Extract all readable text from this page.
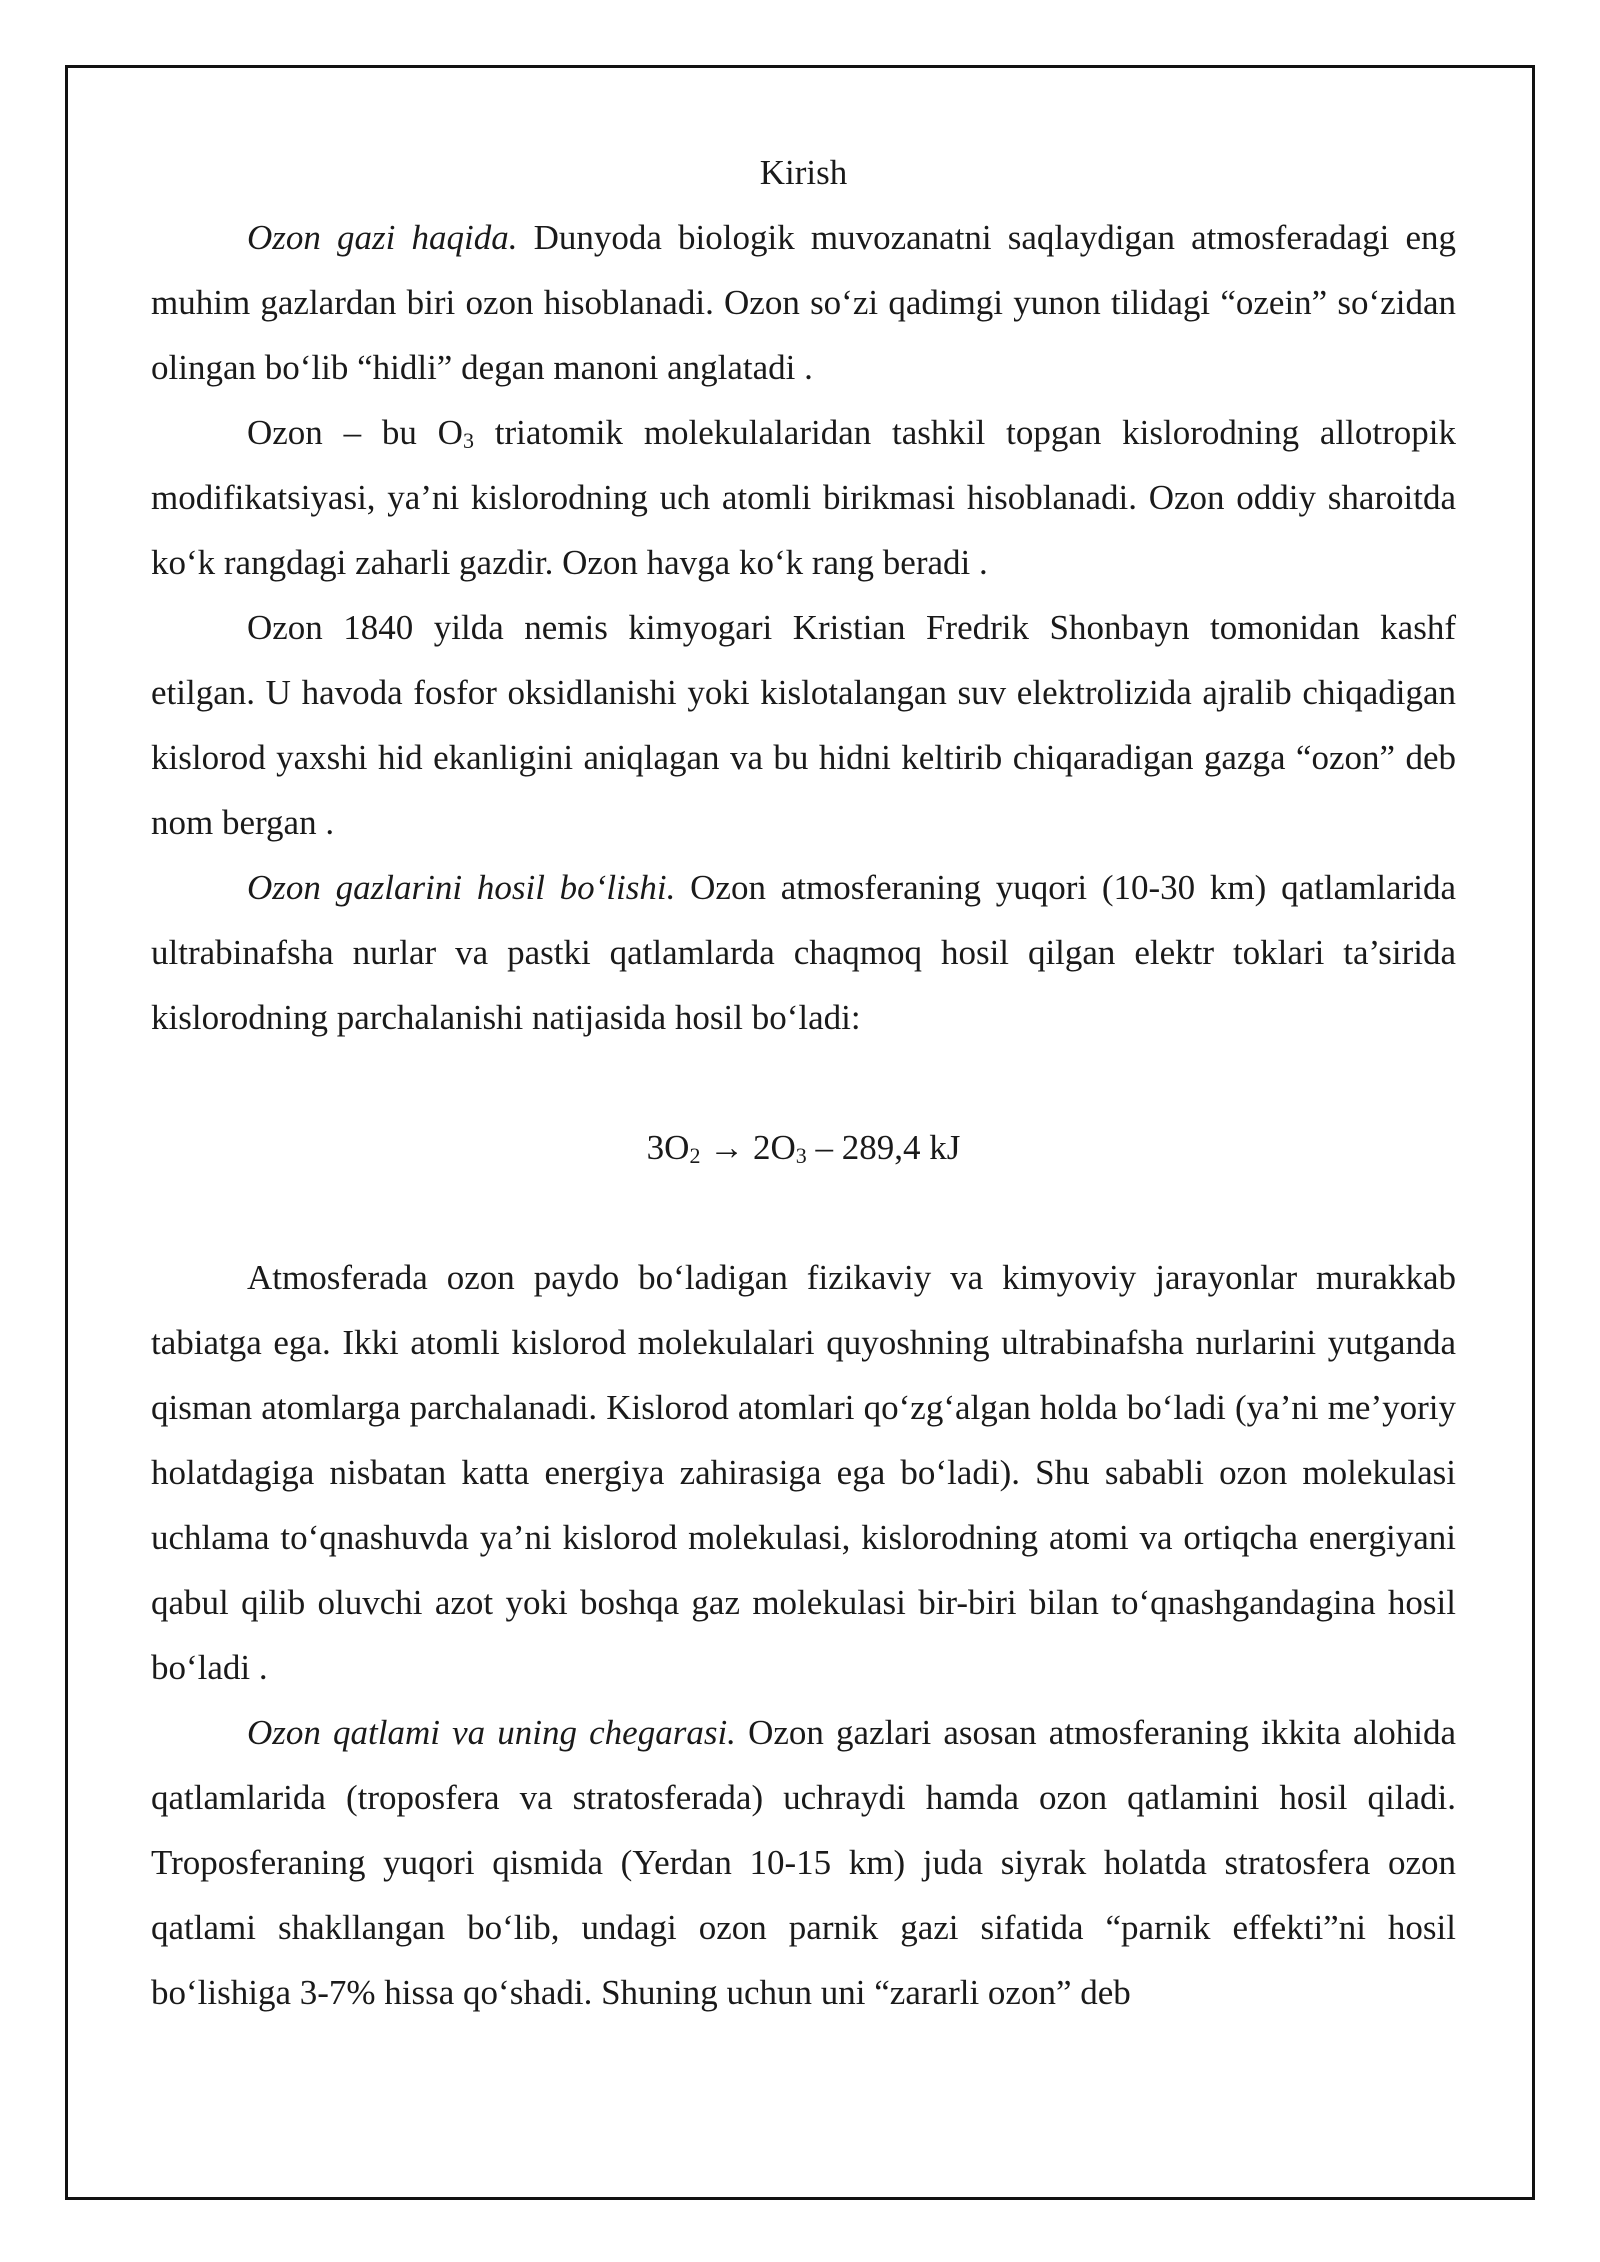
Kirish

Ozon gazi haqida. Dunyoda biologik muvozanatni saqlaydigan atmosferadagi eng muhim gazlardan biri ozon hisoblanadi. Ozon so‘zi qadimgi yunon tilidagi “ozein” so‘zidan olingan bo‘lib “hidli” degan manoni anglatadi .

Ozon – bu $O_3$ triatomik molekulalaridan tashkil topgan kislorodning allotropik modifikatsiyasi, ya’ni kislorodning uch atomli birikmasi hisoblanadi. Ozon oddiy sharoitda ko‘k rangdagi zaharli gazdir. Ozon havga ko‘k rang beradi .

Ozon 1840 yilda nemis kimyogari Kristian Fredrik Shonbayn tomonidan kashf etilgan. U havoda fosfor oksidlanishi yoki kislotalangan suv elektrolizida ajralib chiqadigan kislorod yaxshi hid ekanligini aniqlagan va bu hidni keltirib chiqaradigan gazga “ozon” deb nom bergan .

Ozon gazlarini hosil bo‘lishi. Ozon atmosferaning yuqori (10-30 km) qatlamlarida ultrabinafsha nurlar va pastki qatlamlarda chaqmoq hosil qilgan elektr toklari ta’sirida kislorodning parchalanishi natijasida hosil bo‘ladi:

$3O_2 \to 2O_3 - 289,4$ kJ

Atmosferada ozon paydo bo‘ladigan fizikaviy va kimyoviy jarayonlar murakkab tabiatga ega. Ikki atomli kislorod molekulalari quyoshning ultrabinafsha nurlarini yutganda qisman atomlarga parchalanadi. Kislorod atomlari qo‘zg‘algan holda bo‘ladi (ya’ni me’yoriy holatdagiga nisbatan katta energiya zahirasiga ega bo‘ladi). Shu sababli ozon molekulasi uchlama to‘qnashuvda ya’ni kislorod molekulasi, kislorodning atomi va ortiqcha energiyani qabul qilib oluvchi azot yoki boshqa gaz molekulasi bir-biri bilan to‘qnashgandagina hosil bo‘ladi .

Ozon qatlami va uning chegarasi. Ozon gazlari asosan atmosferaning ikkita alohida qatlamlarida (troposfera va stratosferada) uchraydi hamda ozon qatlamini hosil qiladi. Troposferaning yuqori qismida (Yerdan 10-15 km) juda siyrak holatda stratosfera ozon qatlami shakllangan bo‘lib, undagi ozon parnik gazi sifatida “parnik effekti”ni hosil bo‘lishiga 3-7% hissa qo‘shadi. Shuning uchun uni “zararli ozon” deb
